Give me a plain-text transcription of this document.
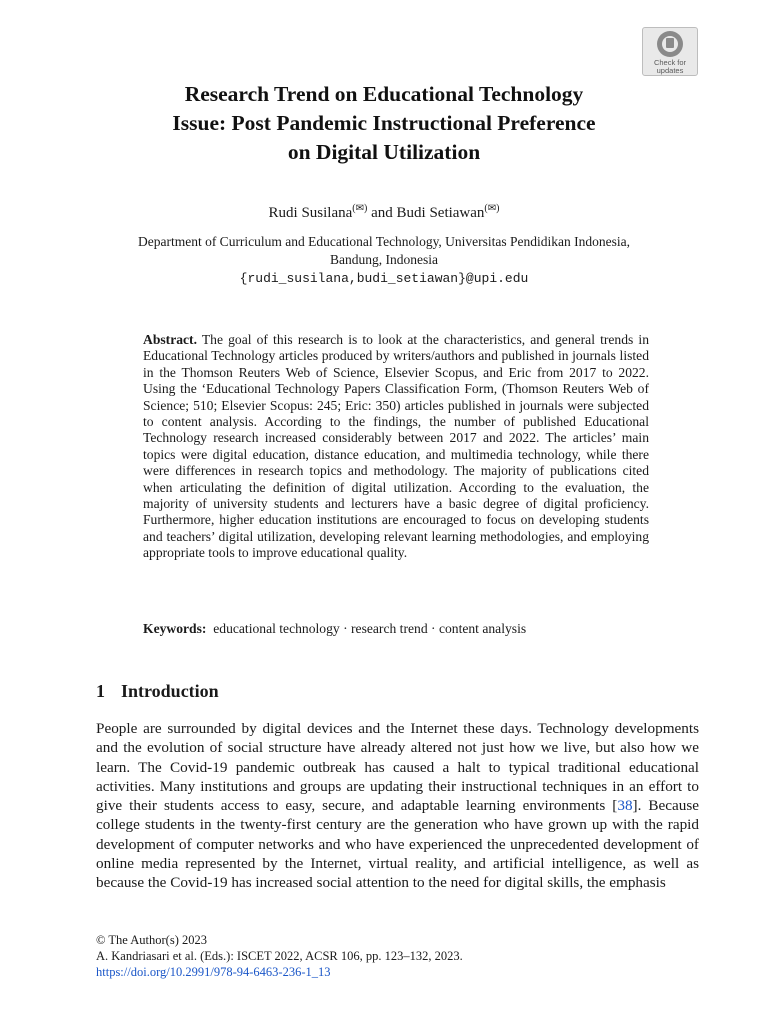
Check for
updates
Research Trend on Educational Technology
Issue: Post Pandemic Instructional Preference
on Digital Utilization
Rudi Susilana(✉) and Budi Setiawan(✉)
Department of Curriculum and Educational Technology, Universitas Pendidikan Indonesia,
Bandung, Indonesia
{rudi_susilana,budi_setiawan}@upi.edu

Abstract. The goal of this research is to look at the characteristics, and general trends in Educational Technology articles produced by writers/authors and published in journals listed in the Thomson Reuters Web of Science, Elsevier Scopus, and Eric from 2017 to 2022. Using the ‘Educational Technology Papers Classification Form, (Thomson Reuters Web of Science; 510; Elsevier Scopus: 245; Eric: 350) articles published in journals were subjected to content analysis. According to the findings, the number of published Educational Technology research increased considerably between 2017 and 2022. The articles’ main topics were digital education, distance education, and multimedia technology, while there were differences in research topics and methodology. The majority of publications cited when articulating the definition of digital utilization. According to the evaluation, the majority of university students and lecturers have a basic degree of digital proficiency. Furthermore, higher education institutions are encouraged to focus on developing students and teachers’ digital utilization, developing relevant learning methodologies, and employing appropriate tools to improve educational quality.

Keywords: educational technology · research trend · content analysis
1 Introduction

People are surrounded by digital devices and the Internet these days. Technology developments and the evolution of social structure have already altered not just how we live, but also how we learn. The Covid-19 pandemic outbreak has caused a halt to typical traditional educational activities. Many institutions and groups are updating their instructional techniques in an effort to give their students access to easy, secure, and adaptable learning environments [38]. Because college students in the twenty-first century are the generation who have grown up with the rapid development of computer networks and who have experienced the unprecedented development of online media represented by the Internet, virtual reality, and artificial intelligence, as well as because the Covid-19 has increased social attention to the need for digital skills, the emphasis

© The Author(s) 2023
A. Kandriasari et al. (Eds.): ISCET 2022, ACSR 106, pp. 123–132, 2023.
https://doi.org/10.2991/978-94-6463-236-1_13
